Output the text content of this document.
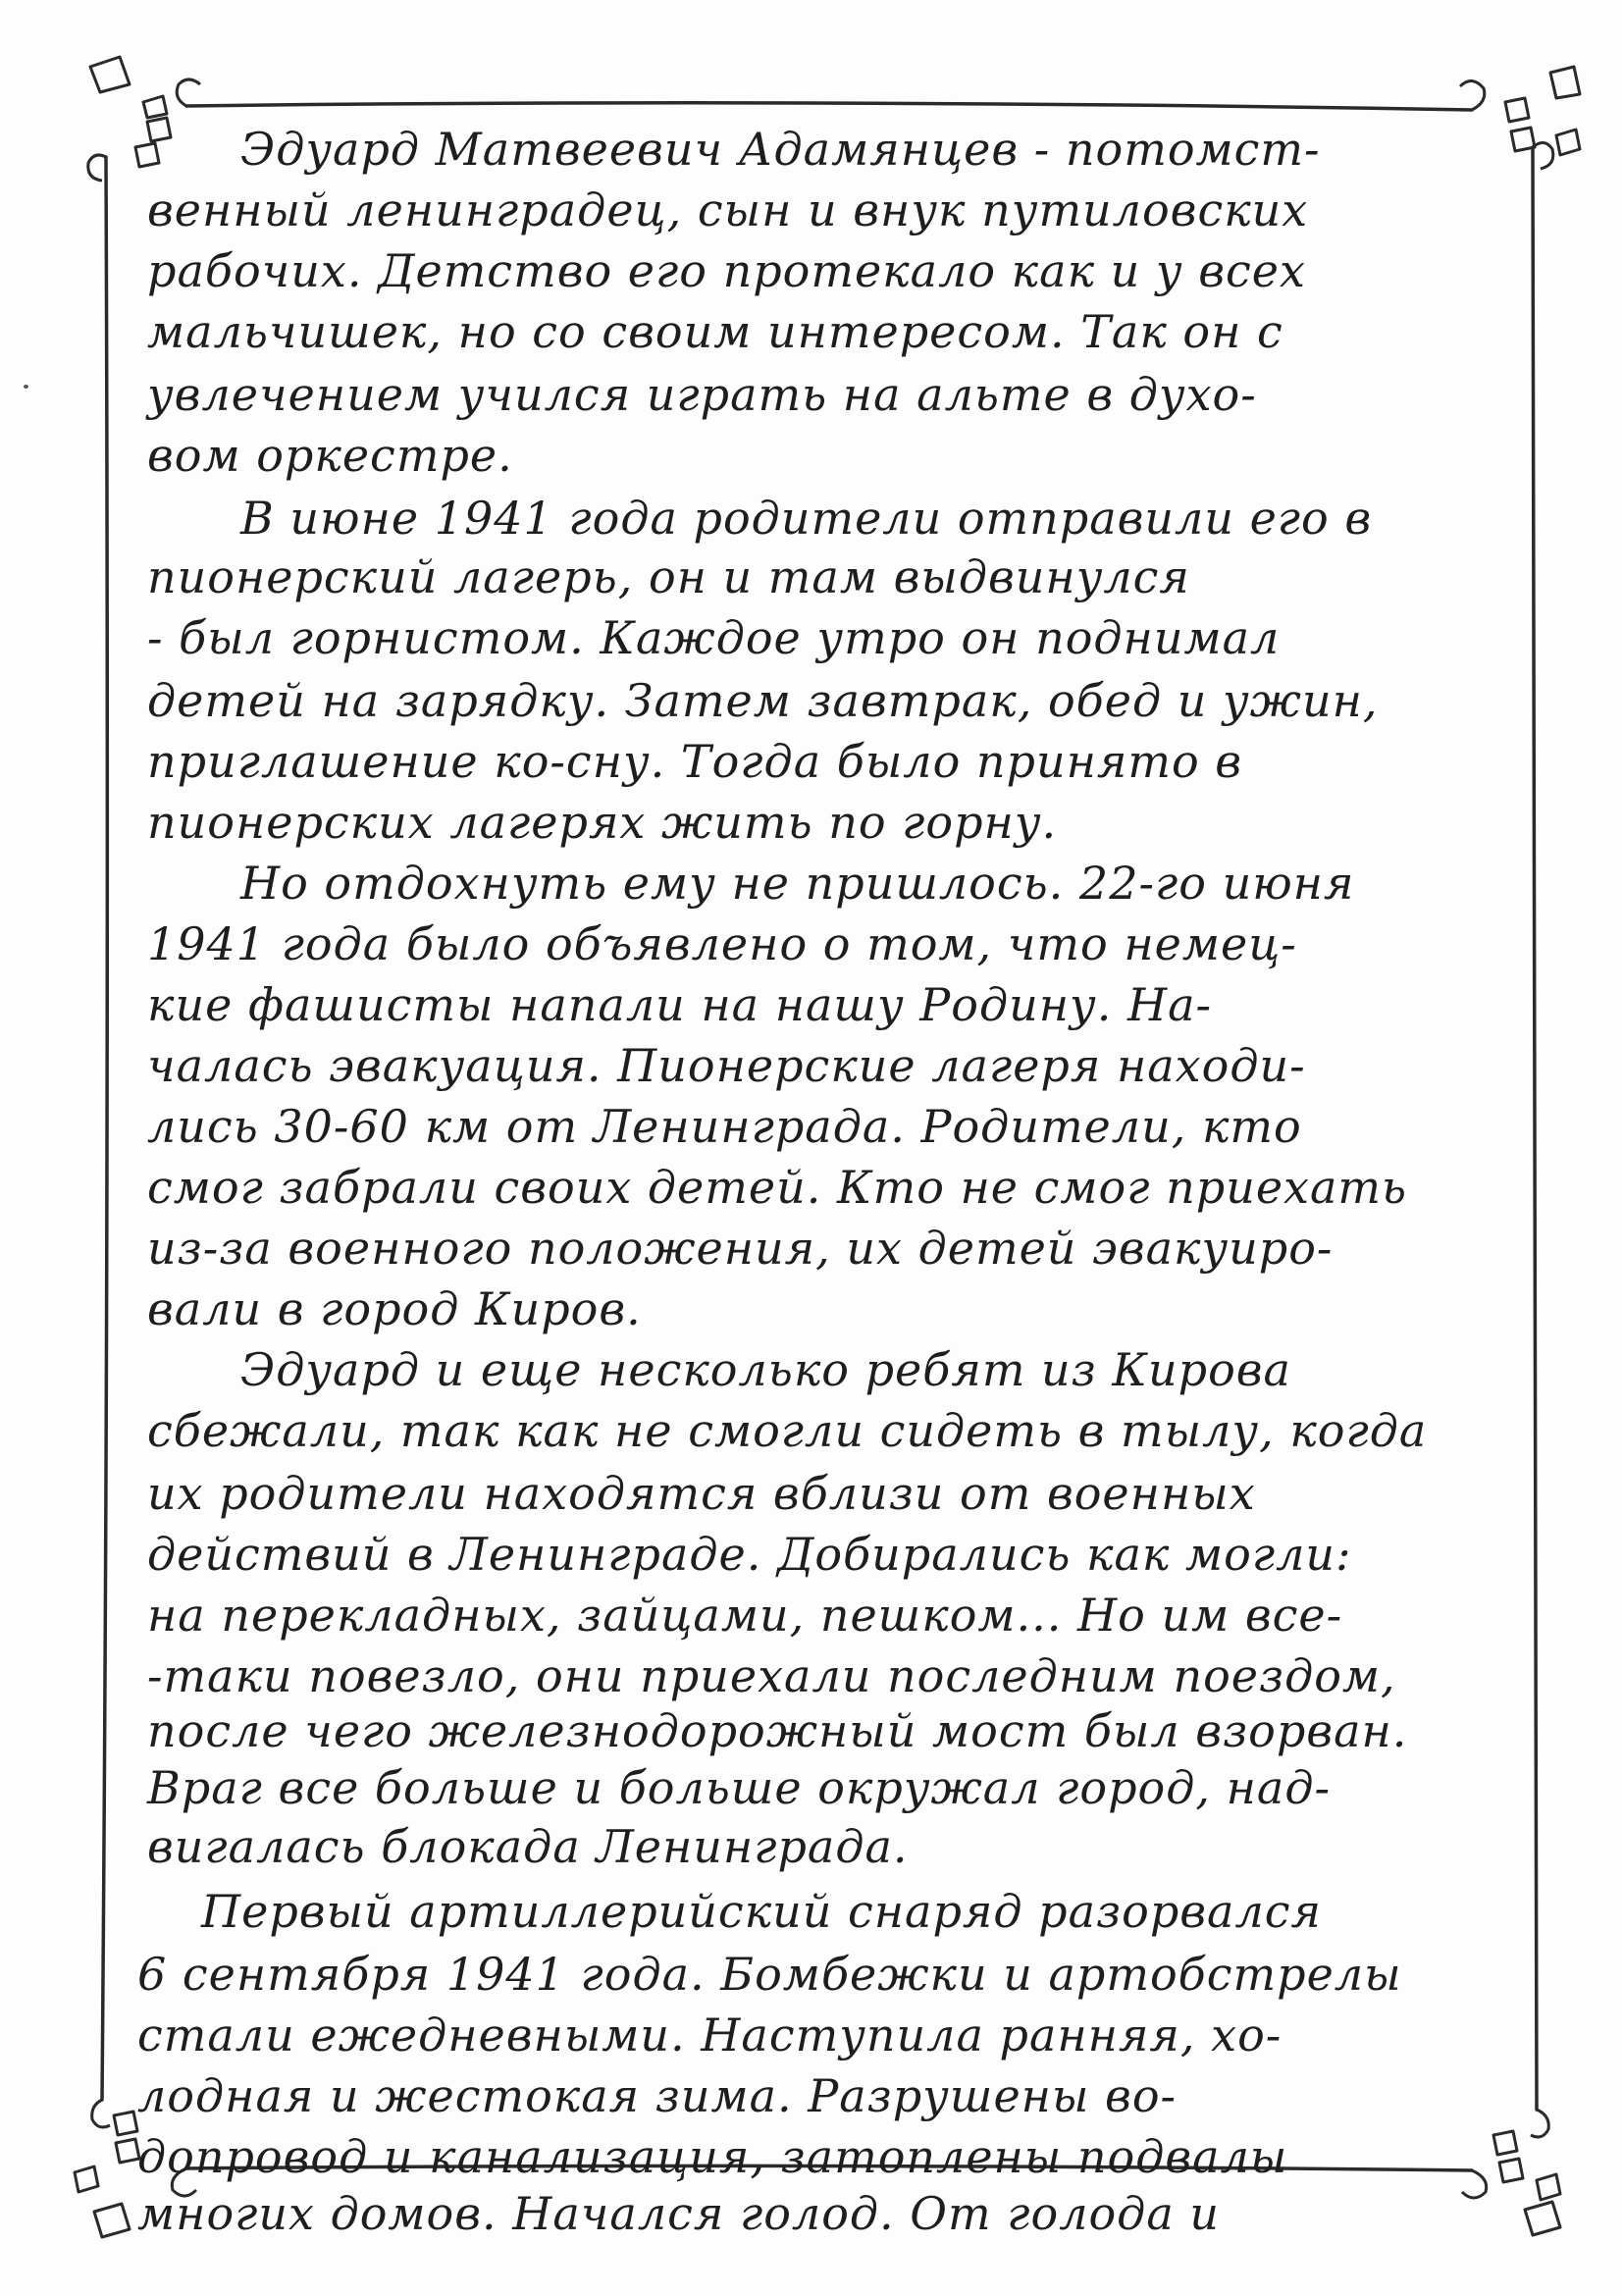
Эдуард Матвеевич Адамянцев - потомст-
венный ленинградец, сын и внук путиловских
рабочих. Детство его протекало как и у всех
мальчишек, но со своим интересом. Так он с
увлечением учился играть на альте в духо-
вом оркестре.
В июне 1941 года родители отправили его в
пионерский лагерь, он и там выдвинулся
- был горнистом. Каждое утро он поднимал
детей на зарядку. Затем завтрак, обед и ужин,
приглашение ко-сну. Тогда было принято в
пионерских лагерях жить по горну.
Но отдохнуть ему не пришлось. 22-го июня
1941 года было объявлено о том, что немец-
кие фашисты напали на нашу Родину. На-
чалась эвакуация. Пионерские лагеря находи-
лись 30-60 км от Ленинграда. Родители, кто
смог забрали своих детей. Кто не смог приехать
из-за военного положения, их детей эвакуиро-
вали в город Киров.
Эдуард и еще несколько ребят из Кирова
сбежали, так как не смогли сидеть в тылу, когда
их родители находятся вблизи от военных
действий в Ленинграде. Добирались как могли:
на перекладных, зайцами, пешком... Но им все-
-таки повезло, они приехали последним поездом,
после чего железнодорожный мост был взорван.
Враг все больше и больше окружал город, над-
вигалась блокада Ленинграда.
Первый артиллерийский снаряд разорвался
6 сентября 1941 года. Бомбежки и артобстрелы
стали ежедневными. Наступила ранняя, хо-
лодная и жестокая зима. Разрушены во-
допровод и канализация, затоплены подвалы
многих домов. Начался голод. От голода и
